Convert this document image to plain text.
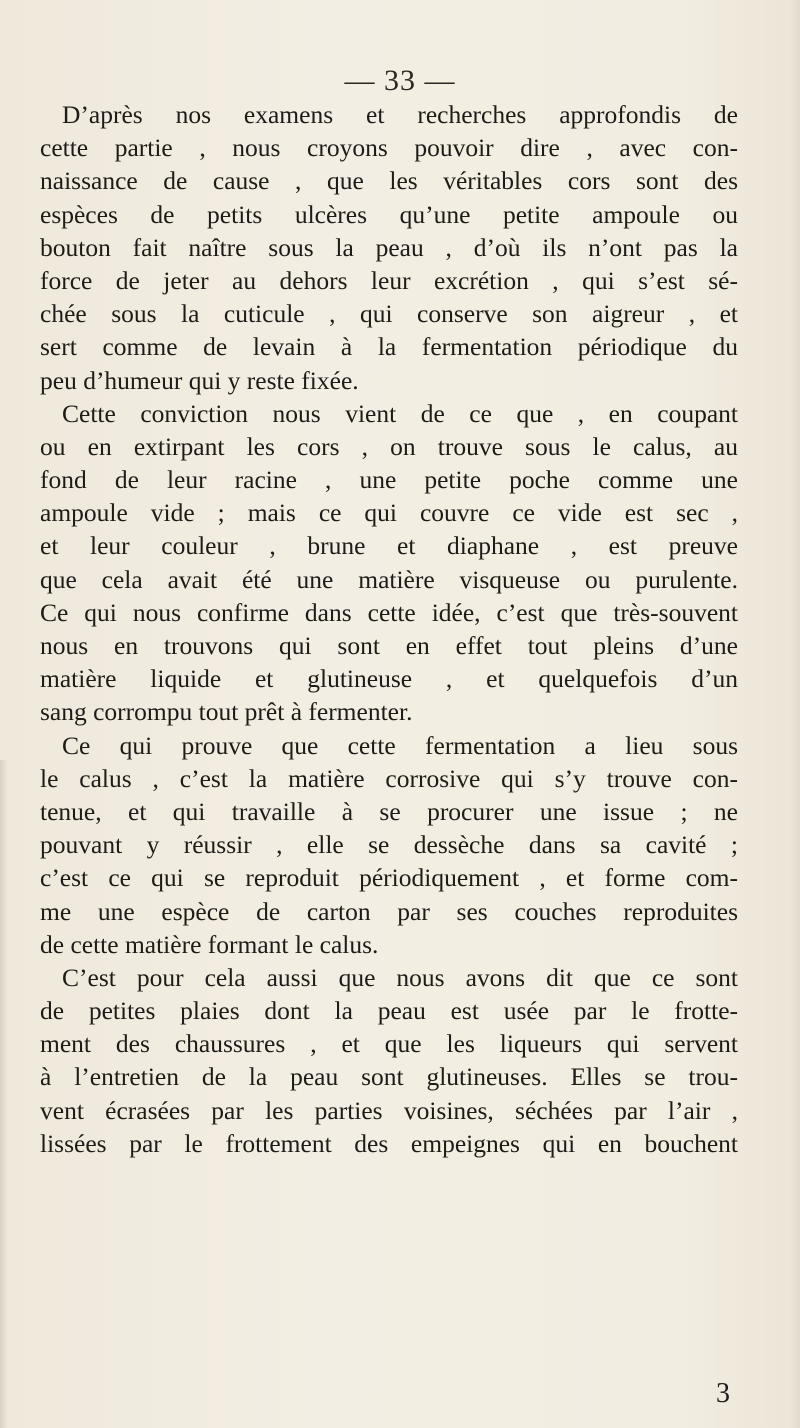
— 33 —
D’après nos examens et recherches approfondis de
cette partie , nous croyons pouvoir dire , avec con-
naissance de cause , que les véritables cors sont des
espèces de petits ulcères qu’une petite ampoule ou
bouton fait naître sous la peau , d’où ils n’ont pas la
force de jeter au dehors leur excrétion , qui s’est sé-
chée sous la cuticule , qui conserve son aigreur , et
sert comme de levain à la fermentation périodique du
peu d’humeur qui y reste fixée.
Cette conviction nous vient de ce que , en coupant
ou en extirpant les cors , on trouve sous le calus, au
fond de leur racine , une petite poche comme une
ampoule vide ; mais ce qui couvre ce vide est sec ,
et leur couleur , brune et diaphane , est preuve
que cela avait été une matière visqueuse ou purulente.
Ce qui nous confirme dans cette idée, c’est que très-souvent
nous en trouvons qui sont en effet tout pleins d’une
matière liquide et glutineuse , et quelquefois d’un
sang corrompu tout prêt à fermenter.
Ce qui prouve que cette fermentation a lieu sous
le calus , c’est la matière corrosive qui s’y trouve con-
tenue, et qui travaille à se procurer une issue ; ne
pouvant y réussir , elle se dessèche dans sa cavité ;
c’est ce qui se reproduit périodiquement , et forme com-
me une espèce de carton par ses couches reproduites
de cette matière formant le calus.
C’est pour cela aussi que nous avons dit que ce sont
de petites plaies dont la peau est usée par le frotte-
ment des chaussures , et que les liqueurs qui servent
à l’entretien de la peau sont glutineuses. Elles se trou-
vent écrasées par les parties voisines, séchées par l’air ,
lissées par le frottement des empeignes qui en bouchent
3
